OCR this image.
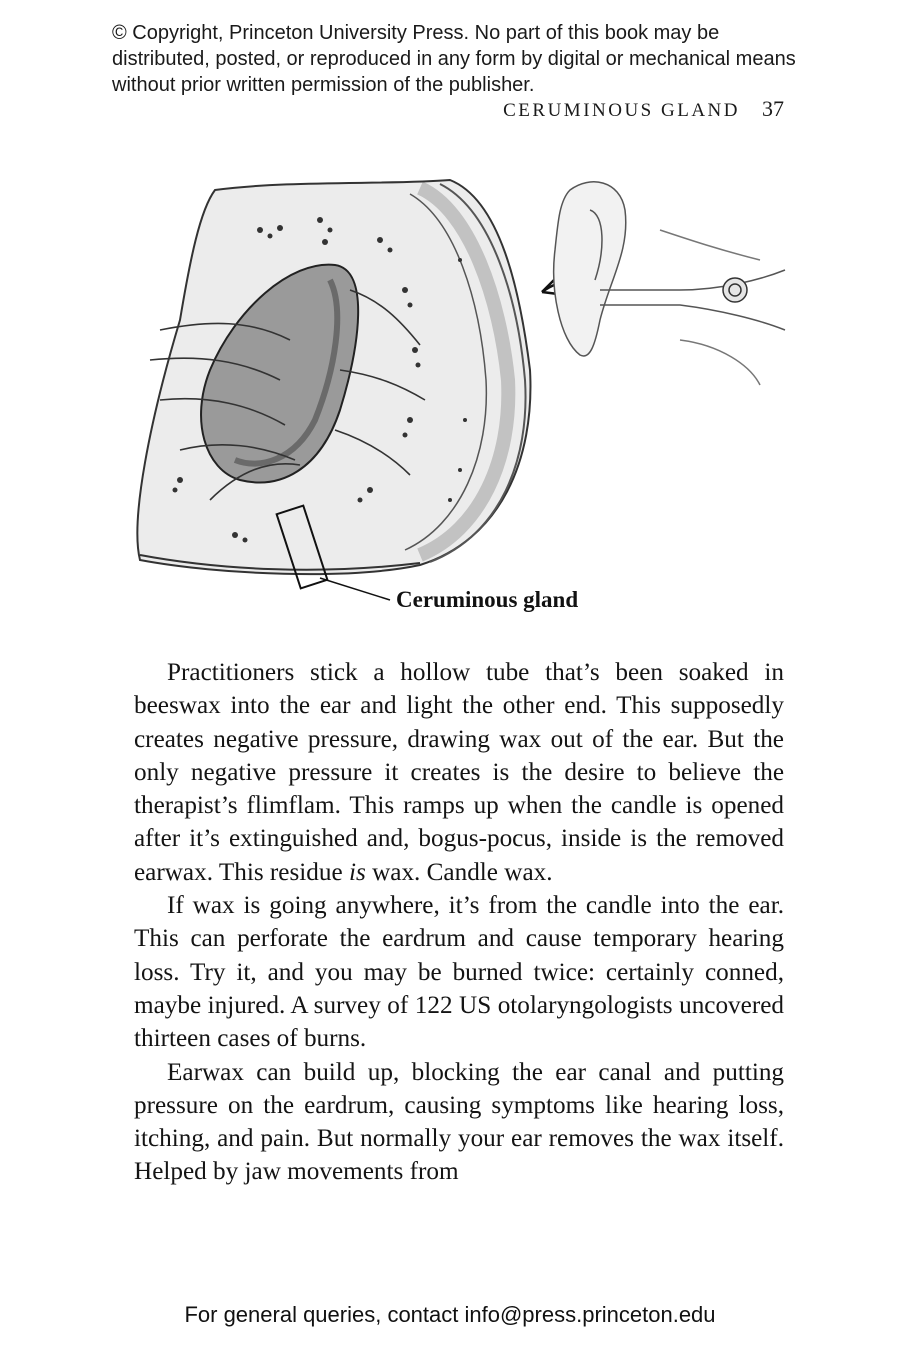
© Copyright, Princeton University Press. No part of this book may be distributed, posted, or reproduced in any form by digital or mechanical means without prior written permission of the publisher.
CERUMINOUS GLAND 37
Ceruminous gland

Practitioners stick a hollow tube that’s been soaked in beeswax into the ear and light the other end. This supposedly creates negative pressure, drawing wax out of the ear. But the only negative pressure it creates is the desire to believe the therapist’s flimflam. This ramps up when the candle is opened after it’s extinguished and, bogus-pocus, inside is the removed earwax. This residue is wax. Candle wax.

If wax is going anywhere, it’s from the candle into the ear. This can perforate the eardrum and cause temporary hearing loss. Try it, and you may be burned twice: certainly conned, maybe injured. A survey of 122 US otolaryngologists uncovered thirteen cases of burns.

Earwax can build up, blocking the ear canal and putting pressure on the eardrum, causing symptoms like hearing loss, itching, and pain. But normally your ear removes the wax itself. Helped by jaw movements from

For general queries, contact info@press.princeton.edu
